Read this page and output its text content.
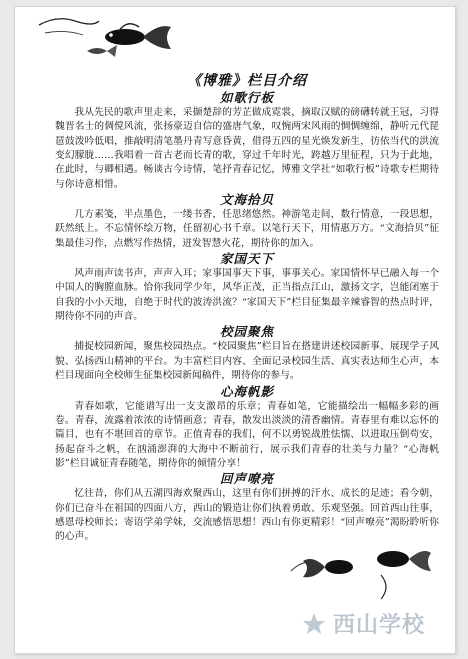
《博雅》栏目介绍
如歌行板

我从先民的歌声里走来，采撷楚辞的芳芷做成霓裳，摘取汉赋的磅礴转就王冠，习得魏晋名士的倜傥风流，张扬豪迈自信的盛唐气象，叹惋两宋风雨的惆惆缠绵，静听元代琵琶鼓泼吟低唱，推敲明清笔墨丹青写意昏黄，借得五四的星光焕发新生，彷依当代的洪流变幻朦胧……我唱着一首古老而长青的歌，穿过千年时光，跨越万里征程，只为于此地，在此时，与卿相遇。畅谈古今诗情，笔抒青春记忆，博雅文学社“如歌行板”诗歌专栏期待与你诗意相惜。

文海拾贝

几方素笺，半点墨色，一缕书香，任思绪悠然。神游笔走间，数行情意，一段思想，跃然纸上。不忘情怀绘万物，任留初心书千章。以笔行天下，用情惠万方。“文海拾贝”征集最佳习作，点燃写作热情，迸发智慧火花，期待你的加入。

家国天下

风声雨声读书声，声声入耳；家事国事天下事，事事关心。家国情怀早已融入每一个中国人的胸膛血脉。恰你我同学少年，风华正茂，正当指点江山，激扬文字，岂能闭塞于自我的小小天地，自绝于时代的波涛洪流？“家国天下”栏目征集最辛辣睿智的热点时评，期待你不同的声音。

校园聚焦

捕捉校园新闻，聚焦校园热点。“校园聚焦”栏目旨在搭建讲述校园新事、展现学子风貌、弘扬西山精神的平台。为丰富栏目内容、全面记录校园生活、真实表达师生心声，本栏目现面向全校师生征集校园新闻稿件，期待你的参与。

心海帆影

青春如歌，它能谱写出一支支激昂的乐章；青春如笔，它能描绘出一幅幅多彩的画卷。青春，流露着浓浓的诗情画意；青春，散发出淡淡的清香幽情。青春里有难以忘怀的篇目，也有不堪回首的章节。正值青春的我们，何不以勇锐战胜怯懦、以进取压倒苟安，扬起奋斗之帆，在汹涌澎湃的大海中不断前行，展示我们青春的壮美与力量？“心海帆影”栏目诚征青春随笔，期待你的倾情分享！

回声嘹亮

忆往昔，你们从五湖四海欢聚西山，这里有你们拼搏的汗水、成长的足迹；看今朝，你们已奋斗在祖国的四面八方，西山的锻造让你们执着勇敢、乐观坚强。回首西山往事，感恩母校师长；寄语学弟学妹，交流感悟思想！西山有你更精彩！“回声嘹亮”渴盼聆听你的心声。

西山学校
